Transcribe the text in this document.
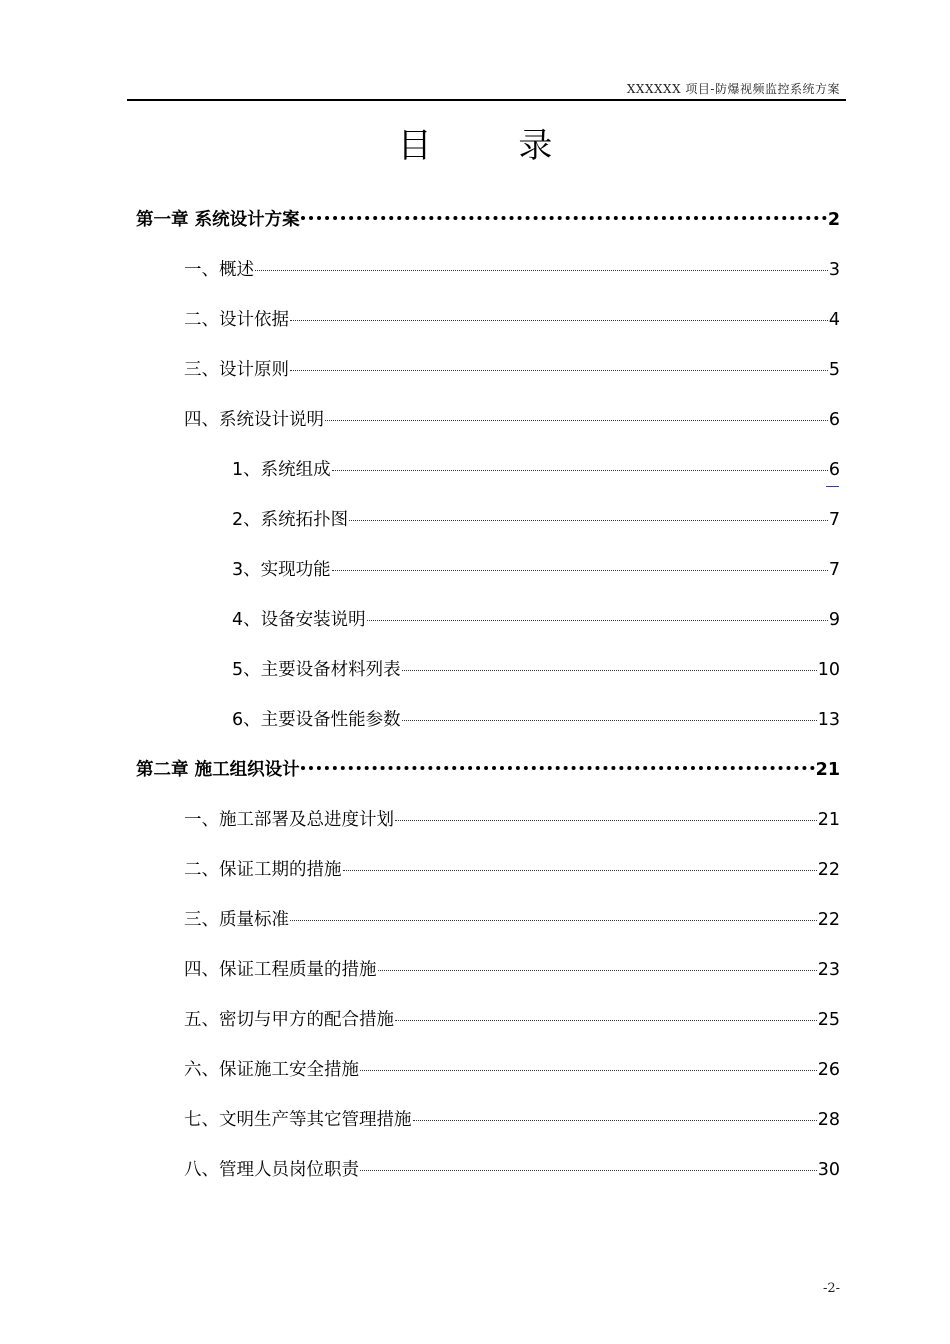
XXXXXX 项目-防爆视频监控系统方案
目 录
第一章 系统设计方案	2
一、概述	3
二、设计依据	4
三、设计原则	5
四、系统设计说明	6
1、系统组成	6
2、系统拓扑图	7
3、实现功能	7
4、设备安装说明	9
5、主要设备材料列表	10
6、主要设备性能参数	13
第二章 施工组织设计	21
一、施工部署及总进度计划	21
二、保证工期的措施	22
三、质量标准	22
四、保证工程质量的措施	23
五、密切与甲方的配合措施	25
六、保证施工安全措施	26
七、文明生产等其它管理措施	28
八、管理人员岗位职责	30
-2-
